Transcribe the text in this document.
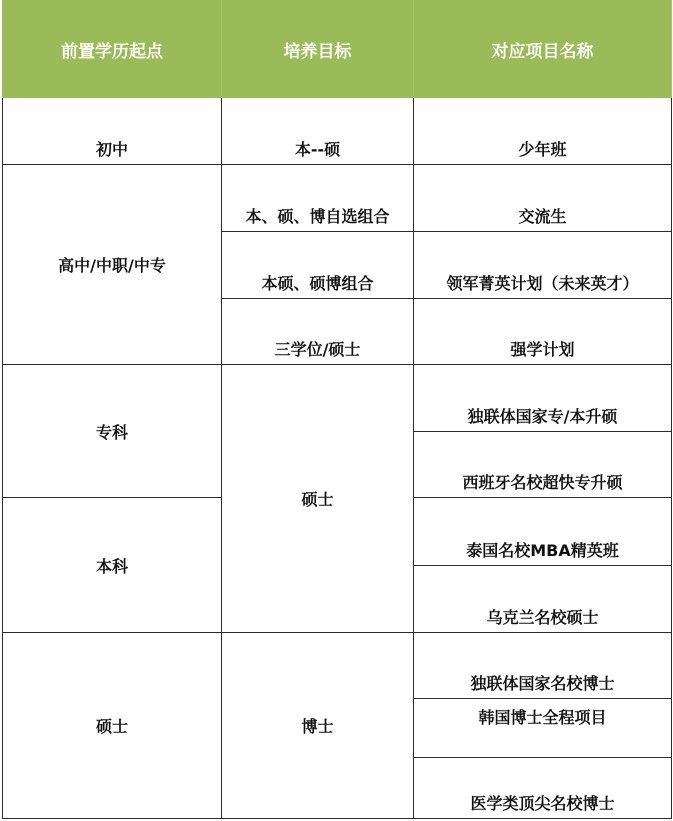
前置学历起点	培养目标	对应项目名称
初中	本--硕	少年班
高中/中职/中专	本、硕、博自选组合	交流生
	本硕、硕博组合	领军菁英计划（未来英才）
	三学位/硕士	强学计划
专科	硕士	独联体国家专/本升硕
		西班牙名校超快专升硕
本科		泰国名校MBA精英班
		乌克兰名校硕士
硕士	博士	独联体国家名校博士
		韩国博士全程项目
		医学类顶尖名校博士
